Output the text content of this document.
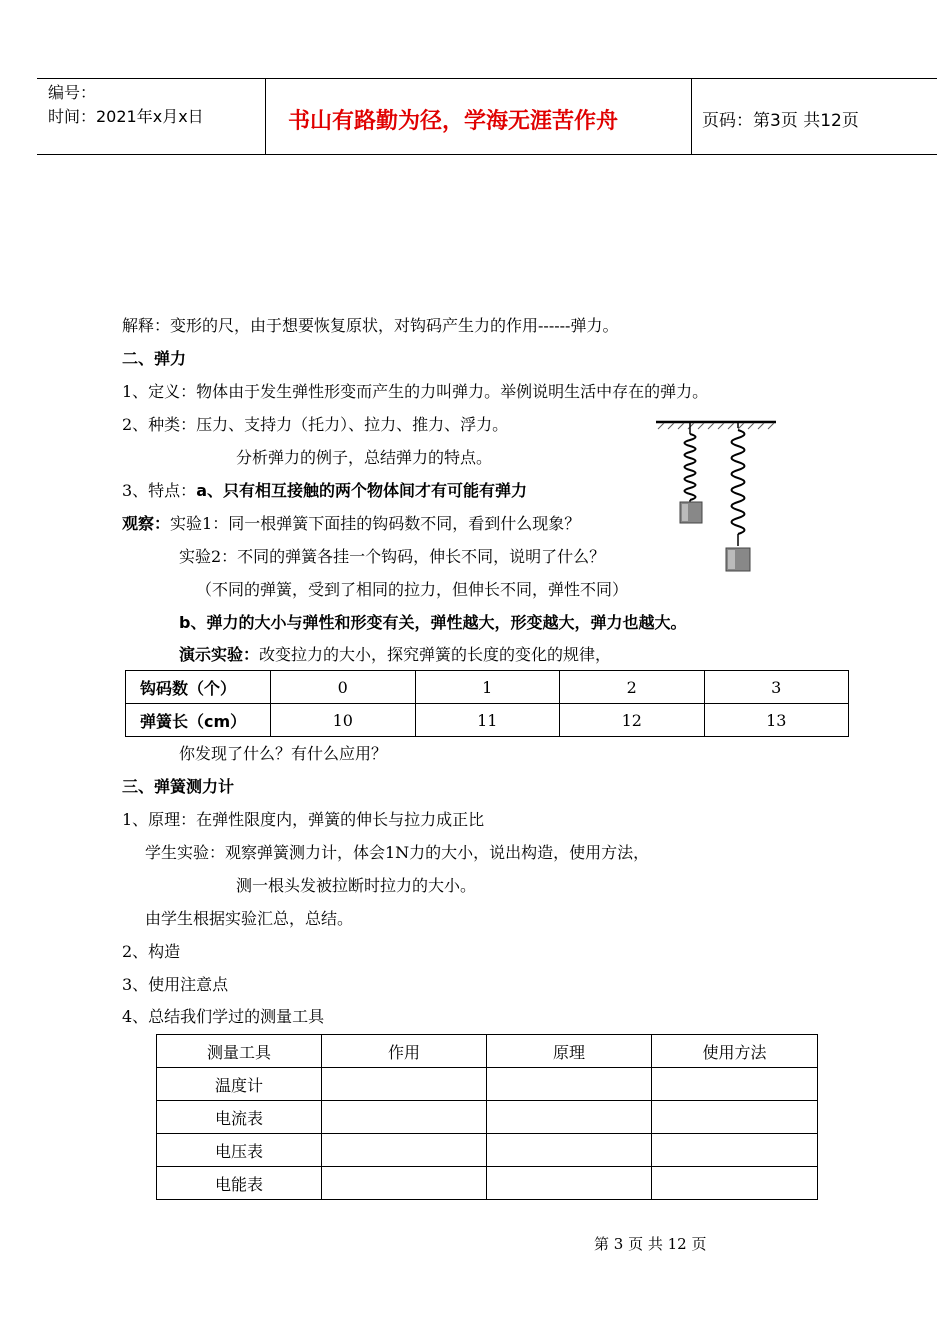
编号：
时间：2021年x月x日	书山有路勤为径，学海无涯苦作舟	页码：第3页 共12页
解释：变形的尺，由于想要恢复原状，对钩码产生力的作用------弹力。
二、弹力
1、定义：物体由于发生弹性形变而产生的力叫弹力。举例说明生活中存在的弹力。
2、种类：压力、支持力（托力）、拉力、推力、浮力。
分析弹力的例子，总结弹力的特点。
3、特点：a、只有相互接触的两个物体间才有可能有弹力
观察：实验1：同一根弹簧下面挂的钩码数不同，看到什么现象？
实验2：不同的弹簧各挂一个钩码，伸长不同，说明了什么？
（不同的弹簧，受到了相同的拉力，但伸长不同，弹性不同）
b、弹力的大小与弹性和形变有关，弹性越大，形变越大，弹力也越大。
演示实验：改变拉力的大小，探究弹簧的长度的变化的规律，
钩码数（个）	0	1	2	3
弹簧长（cm）	10	11	12	13
你发现了什么？有什么应用？
三、弹簧测力计
1、原理：在弹性限度内，弹簧的伸长与拉力成正比
学生实验：观察弹簧测力计，体会1N力的大小，说出构造，使用方法，
测一根头发被拉断时拉力的大小。
由学生根据实验汇总，总结。
2、构造
3、使用注意点
4、总结我们学过的测量工具
测量工具	作用	原理	使用方法
温度计			
电流表			
电压表			
电能表			
第 3 页 共 12 页
